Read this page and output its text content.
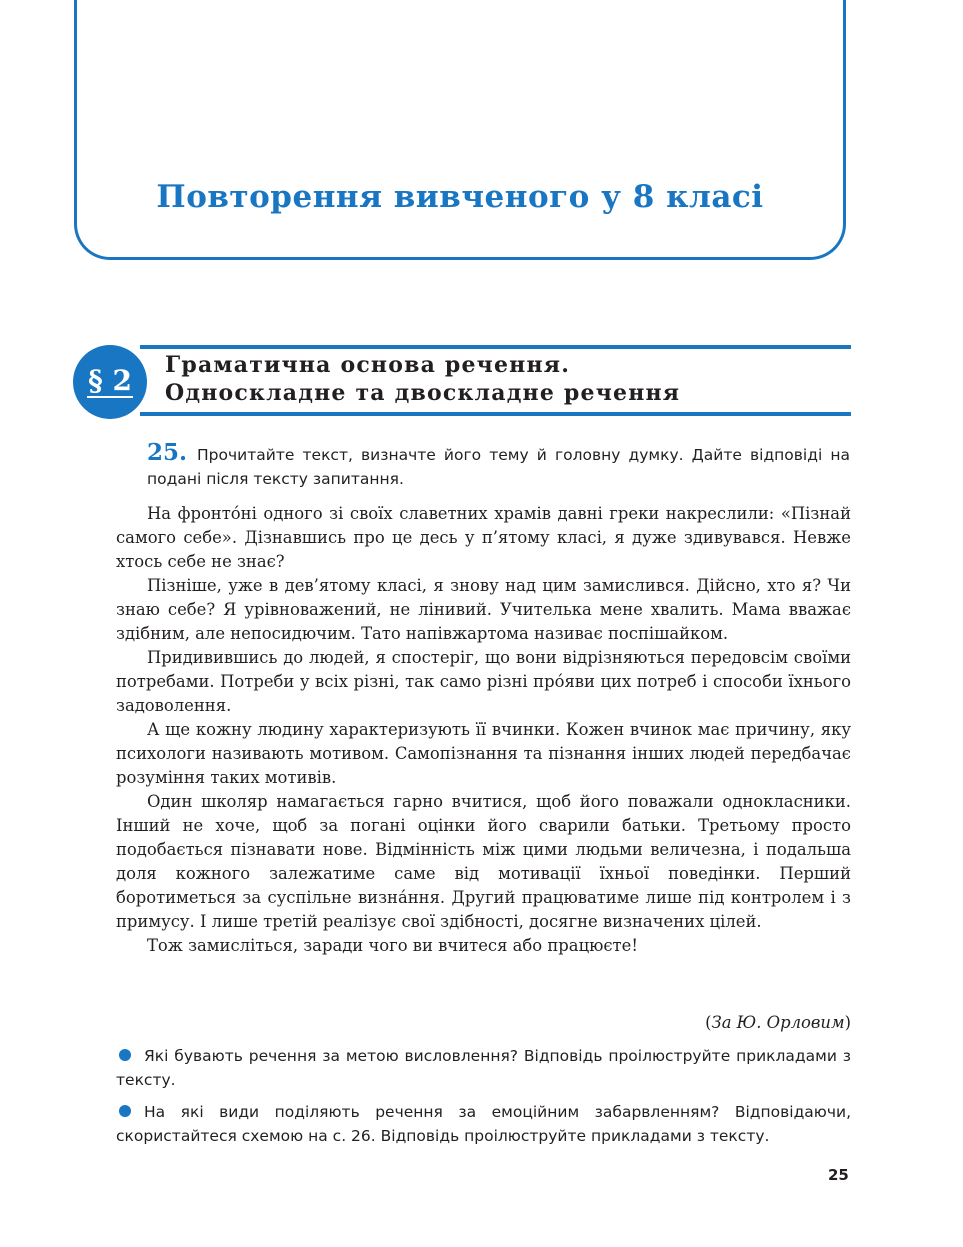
Повторення вивченого у 8 класі
§ 2 Граматична основа речення.
Односкладне та двоскладне речення
25. Прочитайте текст, визначте його тему й головну думку. Дайте відповіді на подані після тексту запитання.

На фронто́ні одного зі своїх славетних храмів давні греки накреслили: «Пізнай самого себе». Дізнавшись про це десь у п’ятому класі, я дуже здивувався. Невже хтось себе не знає?

Пізніше, уже в дев’ятому класі, я знову над цим замислився. Дійсно, хто я? Чи знаю себе? Я урівноважений, не лінивий. Учителька мене хвалить. Мама вважає здібним, але непосидючим. Тато напівжартома називає поспішайком.

Придивившись до людей, я спостеріг, що вони відрізняються передовсім своїми потребами. Потреби у всіх різні, так само різні про́яви цих потреб і способи їхнього задоволення.

А ще кожну людину характеризують її вчинки. Кожен вчинок має причину, яку психологи називають мотивом. Самопізнання та пізнання інших людей передбачає розуміння таких мотивів.

Один школяр намагається гарно вчитися, щоб його поважали однокласники. Інший не хоче, щоб за погані оцінки його сварили батьки. Третьому просто подобається пізнавати нове. Відмінність між цими людьми величезна, і подальша доля кожного залежатиме саме від мотивації їхньої поведінки. Перший боротиметься за суспільне визна́ння. Другий працюватиме лише під контролем і з примусу. І лише третій реалізує свої здібності, досягне визначених цілей.

Тож замисліться, заради чого ви вчитеся або працюєте!

(За Ю. Орловим)

Які бувають речення за метою висловлення? Відповідь проілюструйте прикладами з тексту.

На які види поділяють речення за емоційним забарвленням? Відповідаючи, скористайтеся схемою на с. 26. Відповідь проілюструйте прикладами з тексту.

25
